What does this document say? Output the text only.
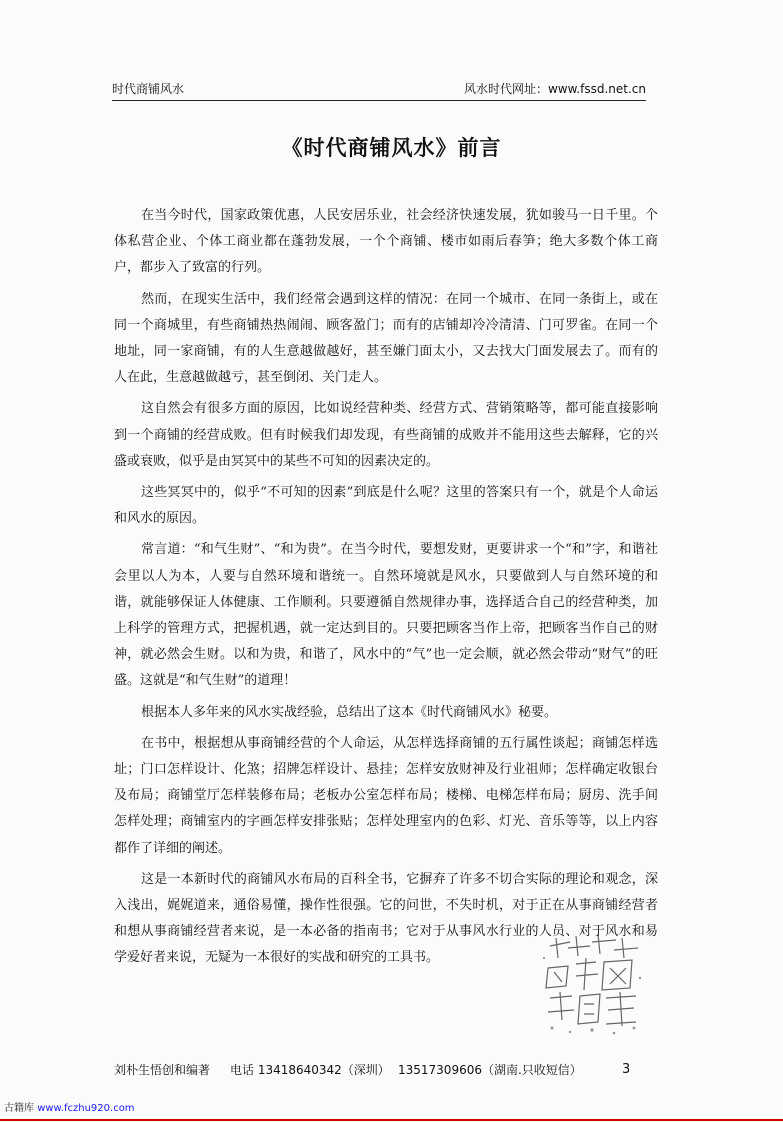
时代商铺风水	风水时代网址：www.fssd.net.cn
《时代商铺风水》前言

在当今时代，国家政策优惠，人民安居乐业，社会经济快速发展，犹如骏马一日千里。个体私营企业、个体工商业都在蓬勃发展，一个个商铺、楼市如雨后春笋；绝大多数个体工商户，都步入了致富的行列。

然而，在现实生活中，我们经常会遇到这样的情况：在同一个城市、在同一条街上，或在同一个商城里，有些商铺热热闹闹、顾客盈门；而有的店铺却冷冷清清、门可罗雀。在同一个地址，同一家商铺，有的人生意越做越好，甚至嫌门面太小，又去找大门面发展去了。而有的人在此，生意越做越亏，甚至倒闭、关门走人。

这自然会有很多方面的原因，比如说经营种类、经营方式、营销策略等，都可能直接影响到一个商铺的经营成败。但有时候我们却发现，有些商铺的成败并不能用这些去解释，它的兴盛或衰败，似乎是由冥冥中的某些不可知的因素决定的。

这些冥冥中的，似乎“不可知的因素”到底是什么呢？这里的答案只有一个，就是个人命运和风水的原因。

常言道：“和气生财”、“和为贵”。在当今时代，要想发财，更要讲求一个“和”字，和谐社会里以人为本，人要与自然环境和谐统一。自然环境就是风水，只要做到人与自然环境的和谐，就能够保证人体健康、工作顺利。只要遵循自然规律办事，选择适合自己的经营种类，加上科学的管理方式，把握机遇，就一定达到目的。只要把顾客当作上帝，把顾客当作自己的财神，就必然会生财。以和为贵，和谐了，风水中的“气”也一定会顺，就必然会带动“财气”的旺盛。这就是“和气生财”的道理！

根据本人多年来的风水实战经验，总结出了这本《时代商铺风水》秘要。

在书中，根据想从事商铺经营的个人命运，从怎样选择商铺的五行属性谈起；商铺怎样选址；门口怎样设计、化煞；招牌怎样设计、悬挂；怎样安放财神及行业祖师；怎样确定收银台及布局；商铺堂厅怎样装修布局；老板办公室怎样布局；楼梯、电梯怎样布局；厨房、洗手间怎样处理；商铺室内的字画怎样安排张贴；怎样处理室内的色彩、灯光、音乐等等，以上内容都作了详细的阐述。

这是一本新时代的商铺风水布局的百科全书，它摒弃了许多不切合实际的理论和观念，深入浅出，娓娓道来，通俗易懂，操作性很强。它的问世，不失时机，对于正在从事商铺经营者和想从事商铺经营者来说，是一本必备的指南书；它对于从事风水行业的人员、对于风水和易学爱好者来说，无疑为一本很好的实战和研究的工具书。

刘朴生悟创和编著 电话 13418640342（深圳） 13517309606（湖南.只收短信）	3
古籍库 www.fczhu920.com
